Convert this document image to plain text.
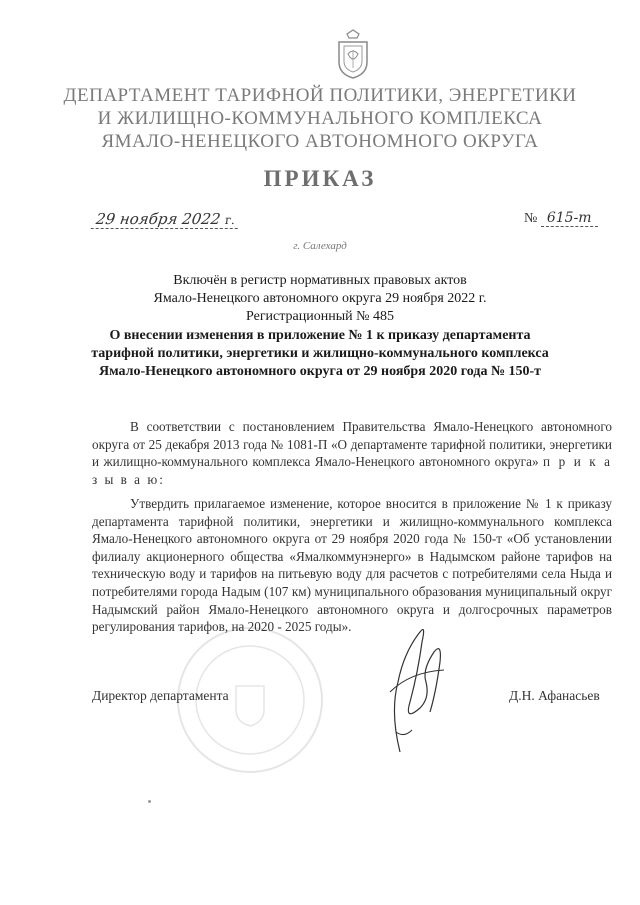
ДЕПАРТАМЕНТ ТАРИФНОЙ ПОЛИТИКИ, ЭНЕРГЕТИКИ
И ЖИЛИЩНО-КОММУНАЛЬНОГО КОМПЛЕКСА
ЯМАЛО-НЕНЕЦКОГО АВТОНОМНОГО ОКРУГА
ПРИКАЗ
29 ноября 2022 г.	№ 615-т
г. Салехард
Включён в регистр нормативных правовых актов
Ямало-Ненецкого автономного округа 29 ноября 2022 г.
Регистрационный № 485
О внесении изменения в приложение № 1 к приказу департамента
тарифной политики, энергетики и жилищно-коммунального комплекса
Ямало-Ненецкого автономного округа от 29 ноября 2020 года № 150-т
В соответствии с постановлением Правительства Ямало-Ненецкого автономного округа от 25 декабря 2013 года № 1081-П «О департаменте тарифной политики, энергетики и жилищно-коммунального комплекса Ямало-Ненецкого автономного округа» п р и к а з ы в а ю:
Утвердить прилагаемое изменение, которое вносится в приложение № 1 к приказу департамента тарифной политики, энергетики и жилищно-коммунального комплекса Ямало-Ненецкого автономного округа от 29 ноября 2020 года № 150-т «Об установлении филиалу акционерного общества «Ямалкоммунэнерго» в Надымском районе тарифов на техническую воду и тарифов на питьевую воду для расчетов с потребителями села Ныда и потребителями города Надым (107 км) муниципального образования муниципальный округ Надымский район Ямало-Ненецкого автономного округа и долгосрочных параметров регулирования тарифов, на 2020 - 2025 годы».
Директор департамента	Д.Н. Афанасьев
